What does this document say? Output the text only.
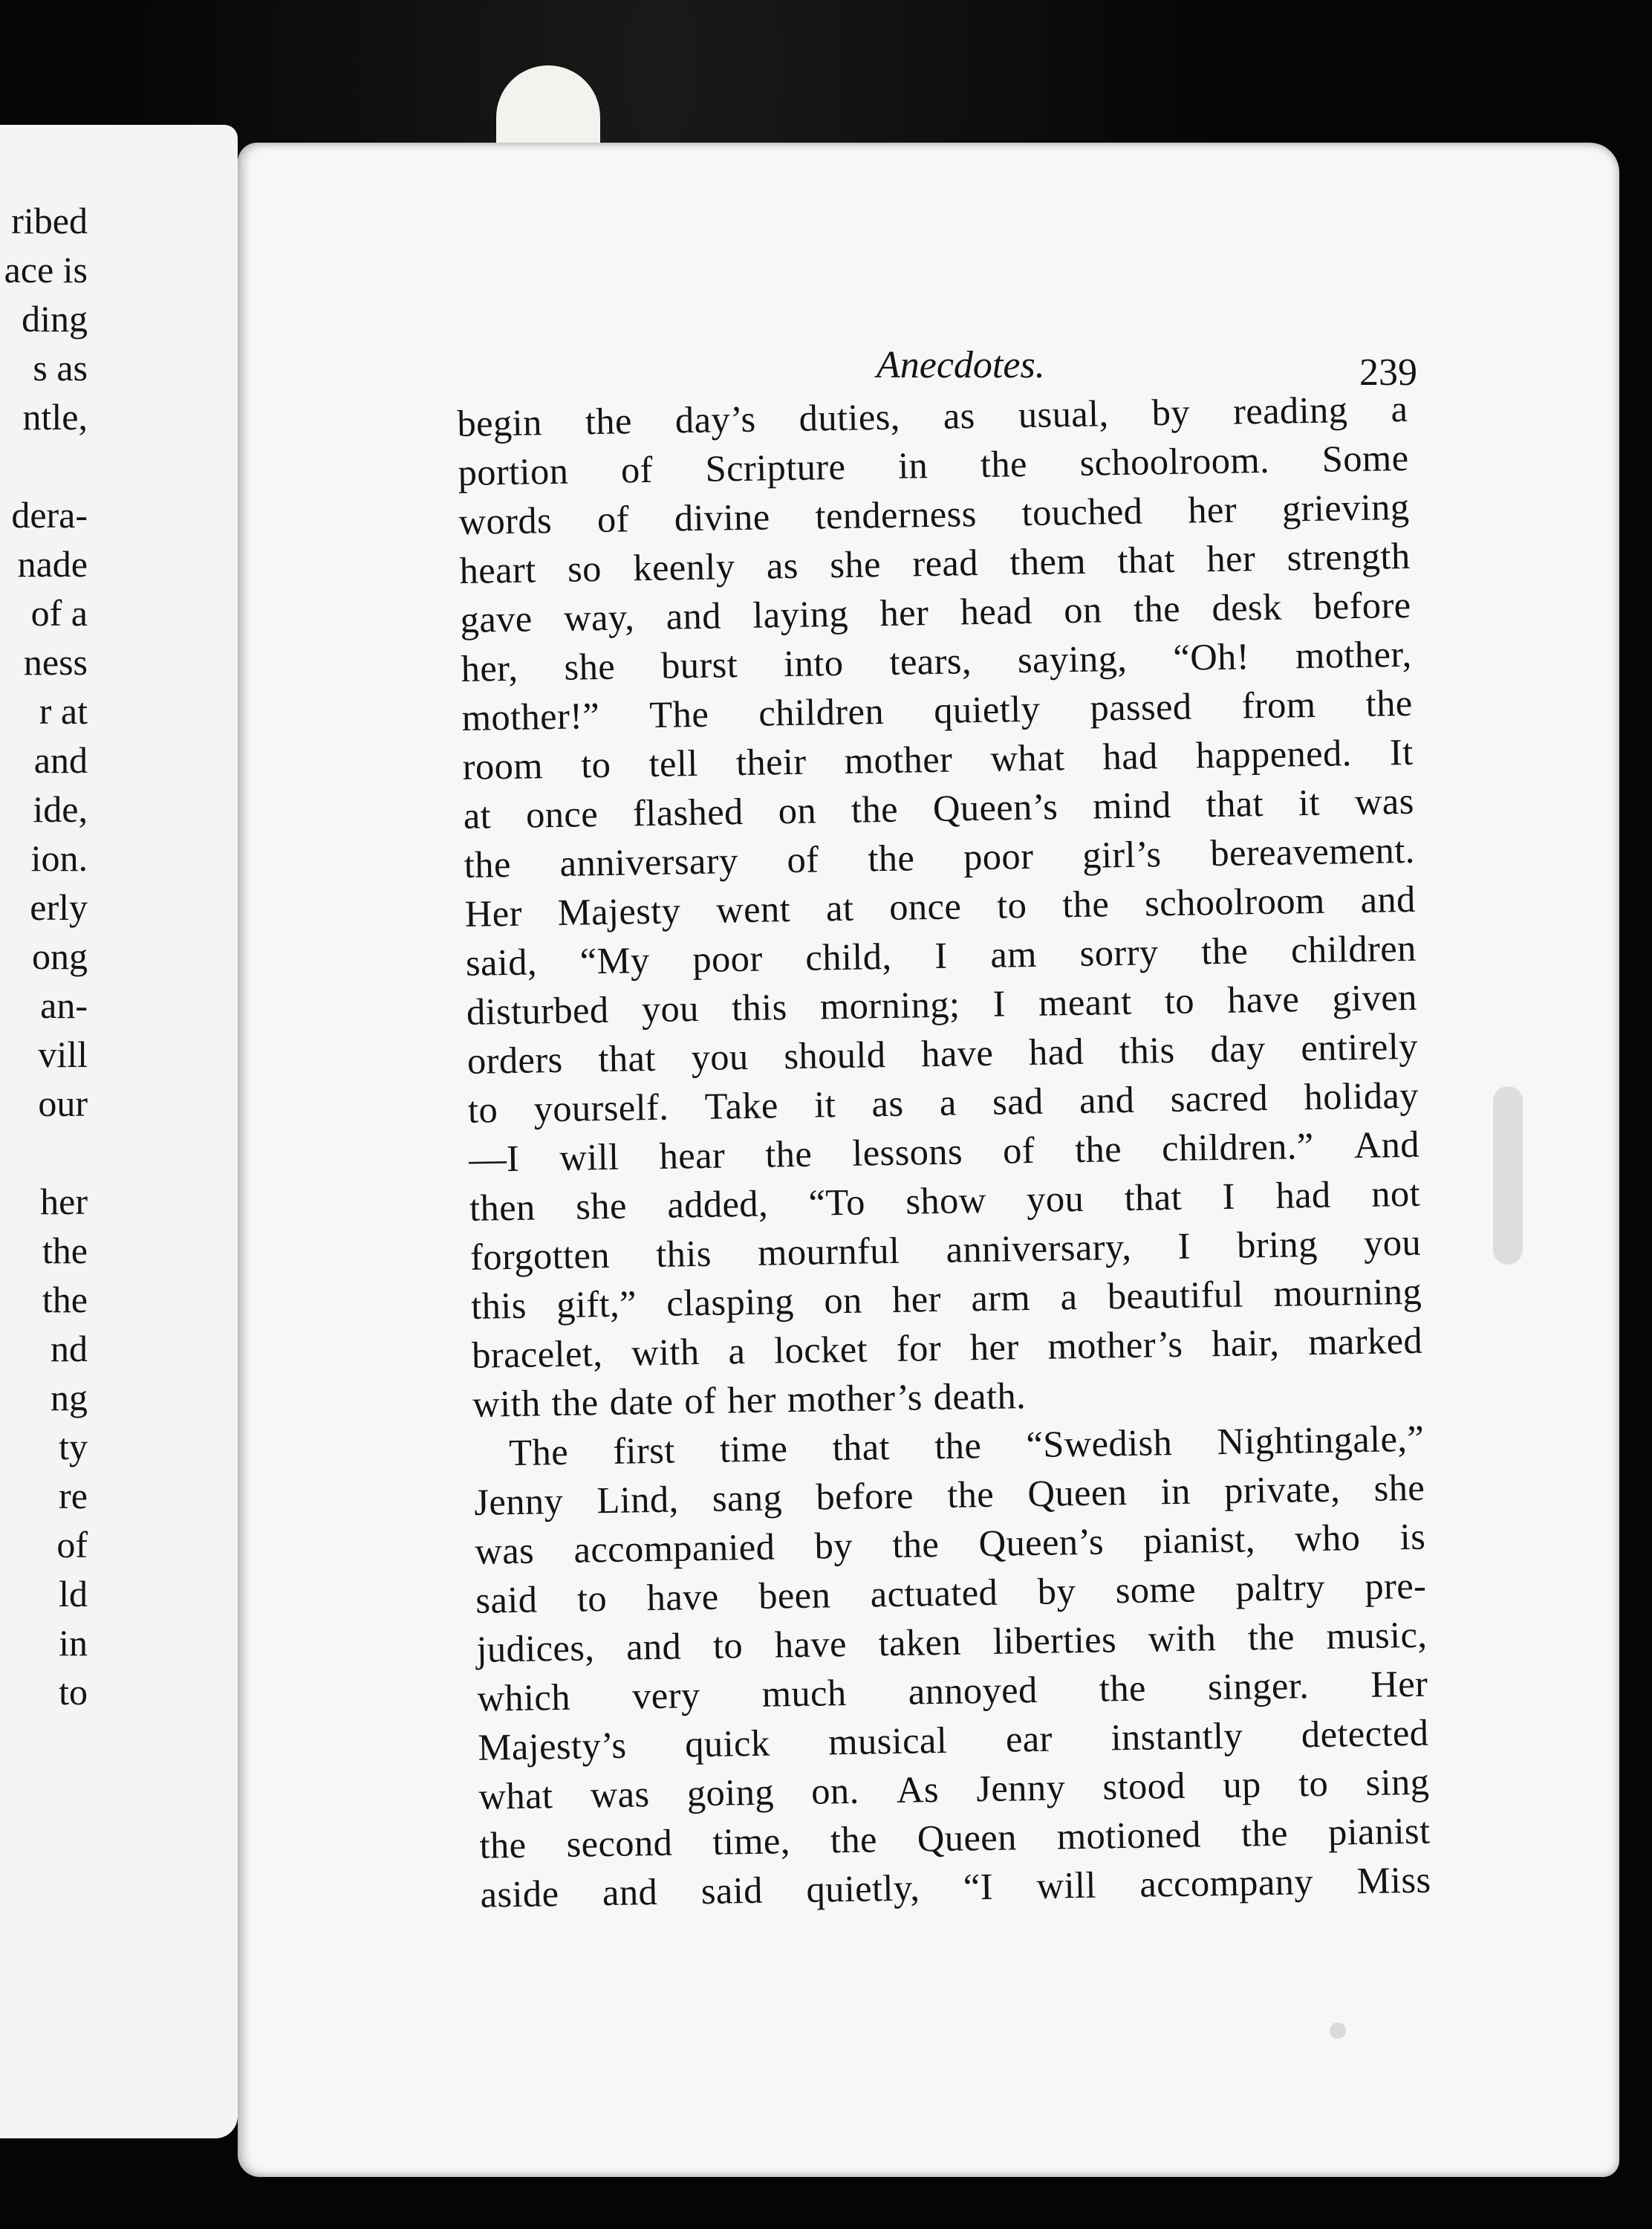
ribed
ace is
ding
s as
ntle,
dera-
nade
of a
ness
r at
and
ide,
ion.
erly
ong
an-
vill
our
her
the
the
nd
ng
ty
re
of
ld
in
to
Anecdotes.	239
begin the day’s duties, as usual, by reading a
portion of Scripture in the schoolroom. Some
words of divine tenderness touched her grieving
heart so keenly as she read them that her strength
gave way, and laying her head on the desk before
her, she burst into tears, saying, “Oh! mother,
mother!” The children quietly passed from the
room to tell their mother what had happened. It
at once flashed on the Queen’s mind that it was
the anniversary of the poor girl’s bereavement.
Her Majesty went at once to the schoolroom and
said, “My poor child, I am sorry the children
disturbed you this morning; I meant to have given
orders that you should have had this day entirely
to yourself. Take it as a sad and sacred holiday
—I will hear the lessons of the children.” And
then she added, “To show you that I had not
forgotten this mournful anniversary, I bring you
this gift,” clasping on her arm a beautiful mourning
bracelet, with a locket for her mother’s hair, marked
with the date of her mother’s death.
The first time that the “Swedish Nightingale,”
Jenny Lind, sang before the Queen in private, she
was accompanied by the Queen’s pianist, who is
said to have been actuated by some paltry pre-
judices, and to have taken liberties with the music,
which very much annoyed the singer. Her
Majesty’s quick musical ear instantly detected
what was going on. As Jenny stood up to sing
the second time, the Queen motioned the pianist
aside and said quietly, “I will accompany Miss
